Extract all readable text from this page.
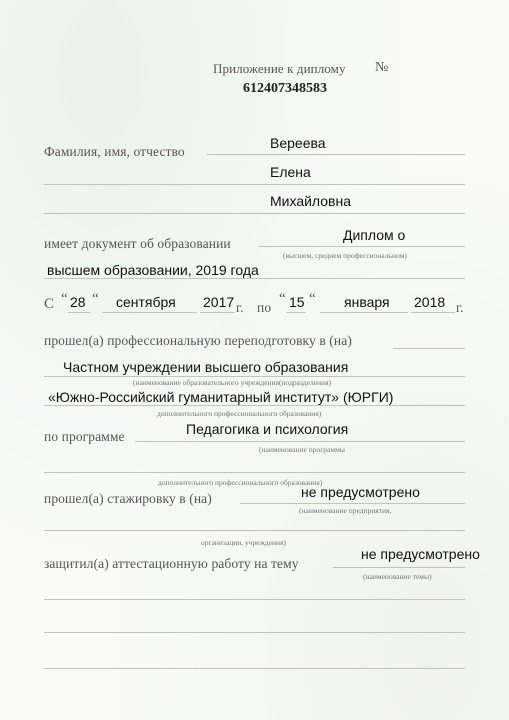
Приложение к диплому №
612407348583
Фамилия, имя, отчество
Вереева
Елена
Михайловна
имеет документ об образовании
Диплом о
(высшем, среднем профессиональном)
высшем образовании, 2019 года
С “ 28 “ сентября 2017 г. по
“ 15 “ января 2018 г.
прошел(а) профессиональную переподготовку в (на)
Частном учреждении высшего образования
(наименование образовательного учреждения(подразделения)
«Южно-Российский гуманитарный институт» (ЮРГИ)
дополнительного профессионального образования)
по программе	Педагогика и психология
(наименование программы
дополнительного профессионального образования)
прошел(а) стажировку в (на)	не предусмотрено
(наименование предприятия,
организации, учреждения)
защитил(а) аттестационную работу на тему
не предусмотрено
(наименование темы)
